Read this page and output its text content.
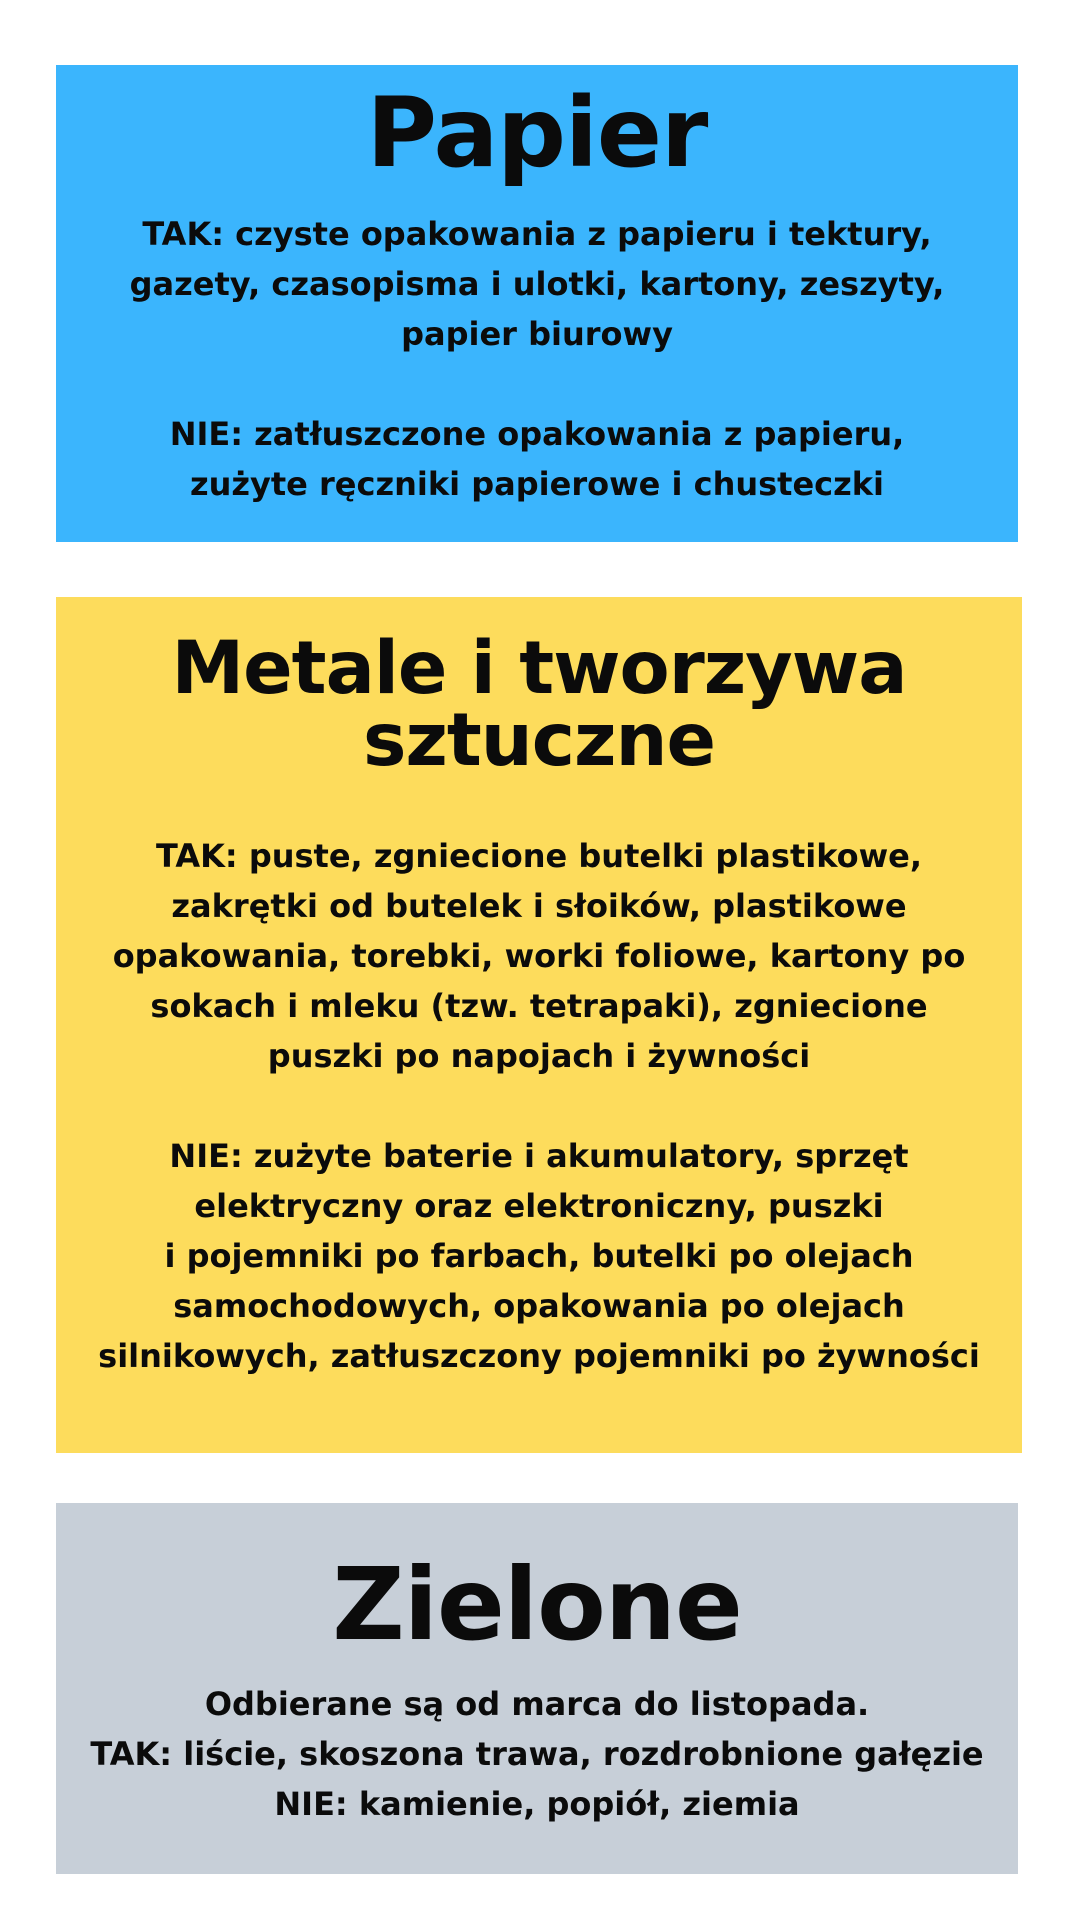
Papier

TAK: czyste opakowania z papieru i tektury,
gazety, czasopisma i ulotki, kartony, zeszyty,
papier biurowy

NIE: zatłuszczone opakowania z papieru,
zużyte ręczniki papierowe i chusteczki

Metale i tworzywa
sztuczne

TAK: puste, zgniecione butelki plastikowe,
zakrętki od butelek i słoików, plastikowe
opakowania, torebki, worki foliowe, kartony po
sokach i mleku (tzw. tetrapaki), zgniecione
puszki po napojach i żywności

NIE: zużyte baterie i akumulatory, sprzęt
elektryczny oraz elektroniczny, puszki
i pojemniki po farbach, butelki po olejach
samochodowych, opakowania po olejach
silnikowych, zatłuszczony pojemniki po żywności

Zielone

Odbierane są od marca do listopada.
TAK: liście, skoszona trawa, rozdrobnione gałęzie
NIE: kamienie, popiół, ziemia
